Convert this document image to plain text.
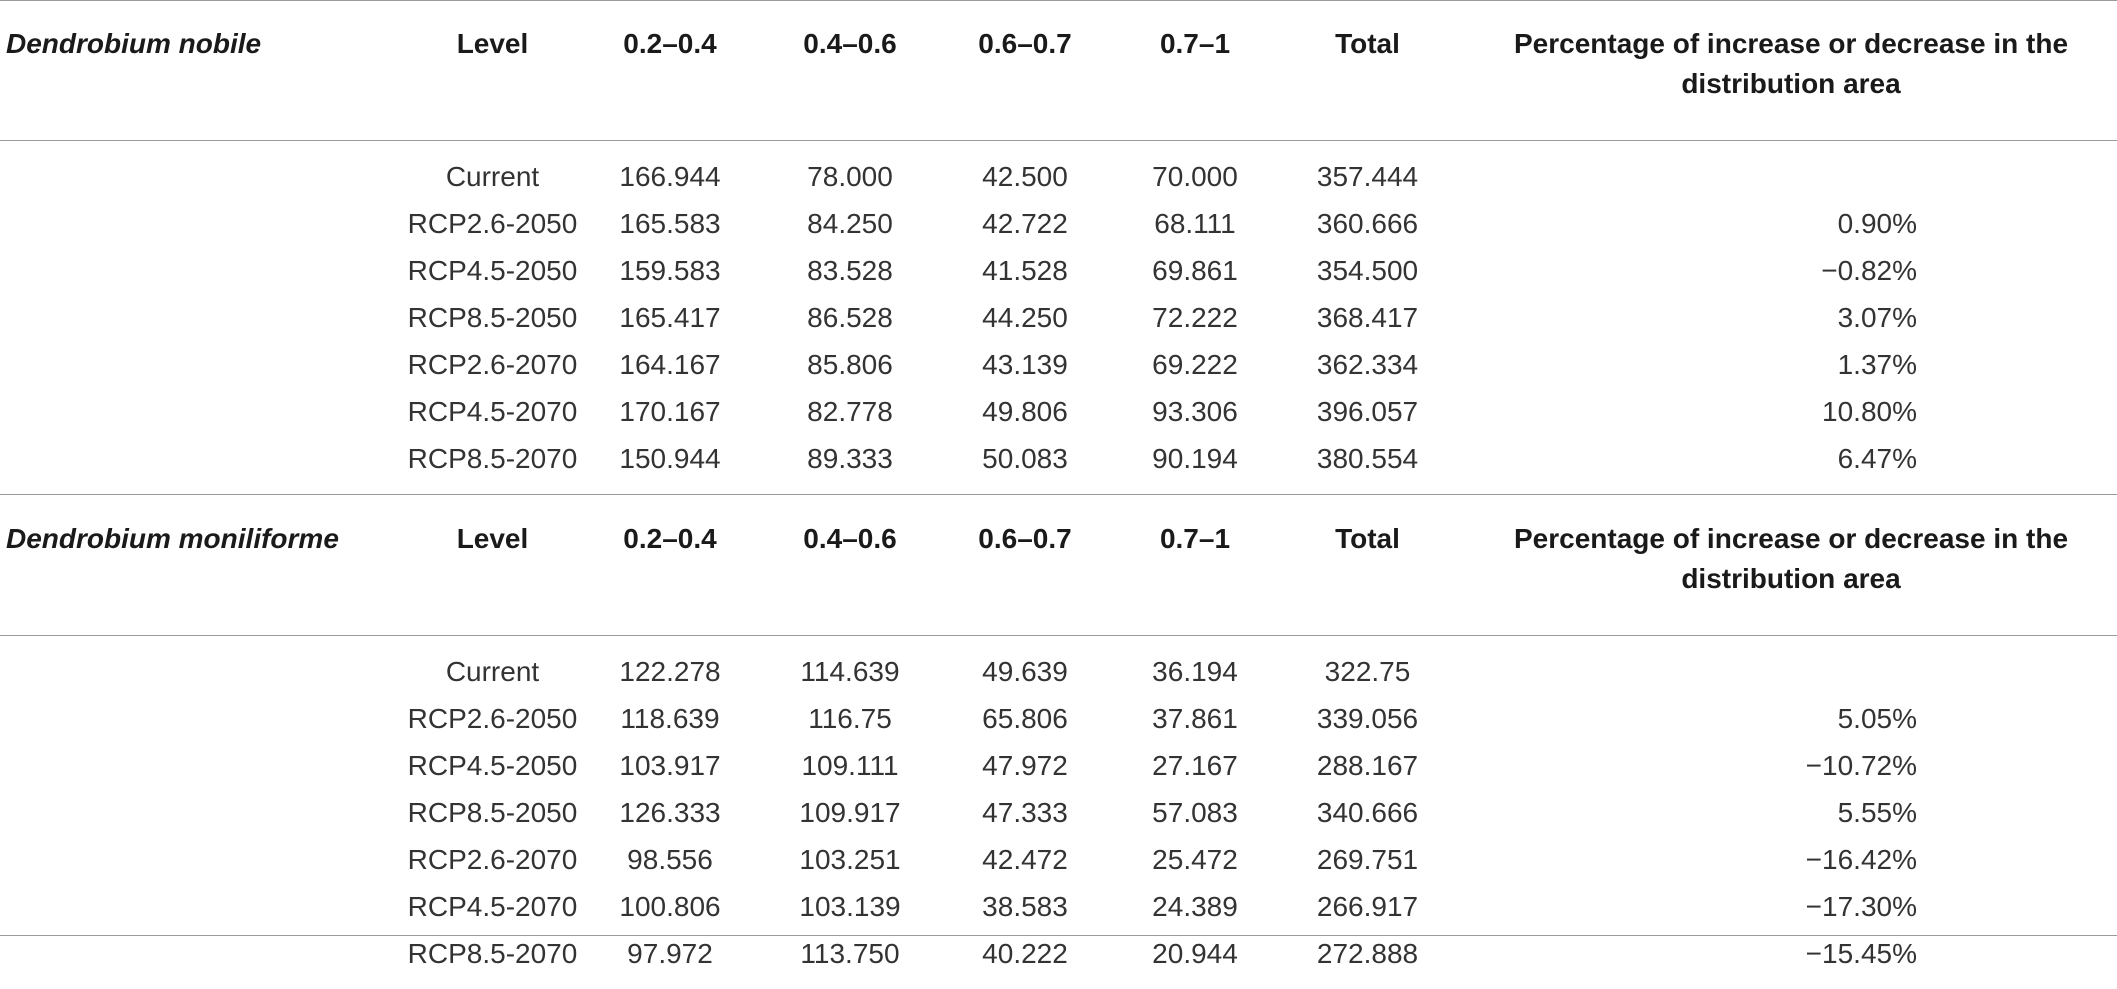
Dendrobium nobile	Level	0.2–0.4	0.4–0.6	0.6–0.7	0.7–1	Total	Percentage of increase or decrease in the distribution area

	Current	166.944	78.000	42.500	70.000	357.444	
	RCP2.6-2050	165.583	84.250	42.722	68.111	360.666	0.90%
	RCP4.5-2050	159.583	83.528	41.528	69.861	354.500	−0.82%
	RCP8.5-2050	165.417	86.528	44.250	72.222	368.417	3.07%
	RCP2.6-2070	164.167	85.806	43.139	69.222	362.334	1.37%
	RCP4.5-2070	170.167	82.778	49.806	93.306	396.057	10.80%
	RCP8.5-2070	150.944	89.333	50.083	90.194	380.554	6.47%

Dendrobium moniliforme	Level	0.2–0.4	0.4–0.6	0.6–0.7	0.7–1	Total	Percentage of increase or decrease in the distribution area

	Current	122.278	114.639	49.639	36.194	322.75	
	RCP2.6-2050	118.639	116.75	65.806	37.861	339.056	5.05%
	RCP4.5-2050	103.917	109.111	47.972	27.167	288.167	−10.72%
	RCP8.5-2050	126.333	109.917	47.333	57.083	340.666	5.55%
	RCP2.6-2070	98.556	103.251	42.472	25.472	269.751	−16.42%
	RCP4.5-2070	100.806	103.139	38.583	24.389	266.917	−17.30%
	RCP8.5-2070	97.972	113.750	40.222	20.944	272.888	−15.45%
